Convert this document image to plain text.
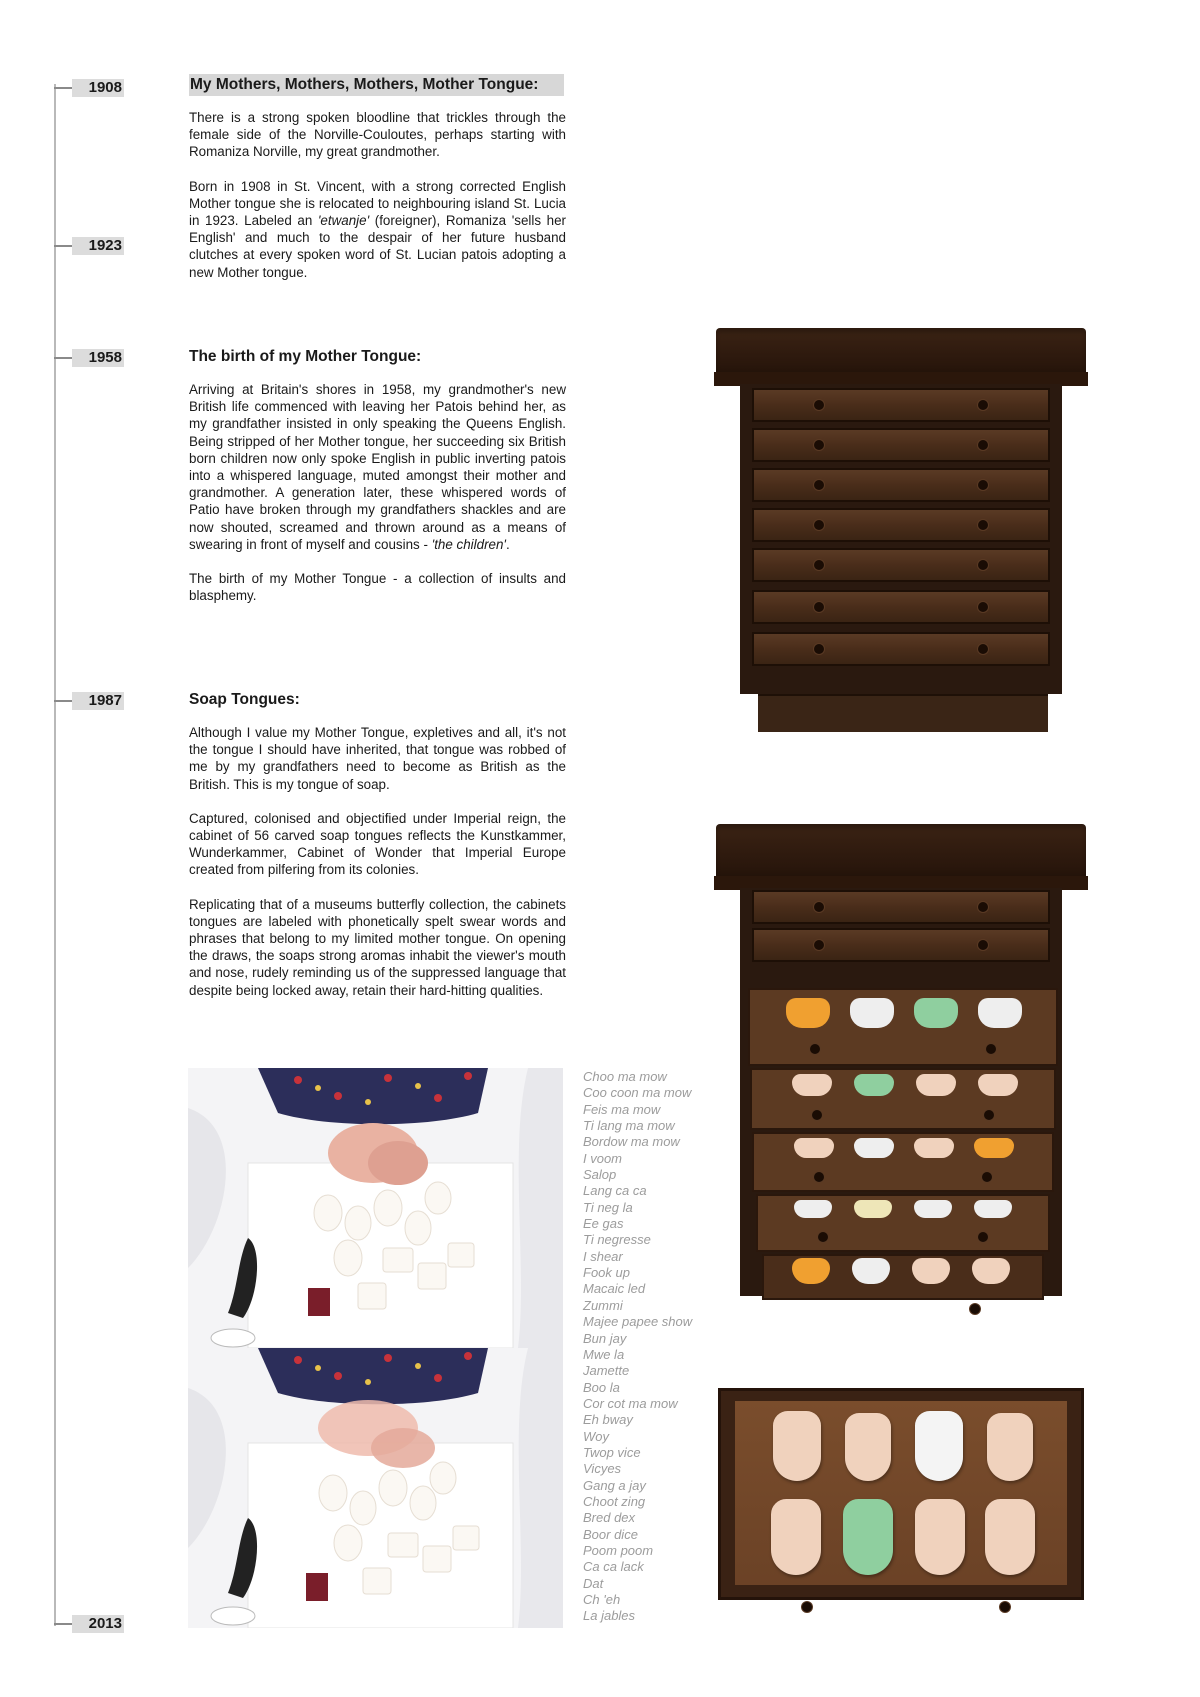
1908
1923
1958
1987
2013
My Mothers, Mothers, Mothers, Mother Tongue:

There is a strong spoken bloodline that trickles through the female side of the Norville-Couloutes, perhaps starting with Romaniza Norville, my great grandmother.

Born in 1908 in St. Vincent, with a strong corrected English Mother tongue she is relocated to neighbouring island St. Lucia in 1923. Labeled an 'etwanje' (foreigner), Romaniza 'sells her English' and much to the despair of her future husband clutches at every spoken word of St. Lucian patois adopting a new Mother tongue.

The birth of my Mother Tongue:

Arriving at Britain's shores in 1958, my grandmother's new British life commenced with leaving her Patois behind her, as my grandfather insisted in only speaking the Queens English. Being stripped of her Mother tongue, her succeeding six British born children now only spoke English in public inverting patois into a whispered language, muted amongst their mother and grandmother. A generation later, these whispered words of Patio have broken through my grandfathers shackles and are now shouted, screamed and thrown around as a means of swearing in front of myself and cousins - 'the children'.

The birth of my Mother Tongue - a collection of insults and blasphemy.

Soap Tongues:

Although I value my Mother Tongue, expletives and all, it's not the tongue I should have inherited, that tongue was robbed of me by my grandfathers need to become as British as the British. This is my tongue of soap.

Captured, colonised and objectified under Imperial reign, the cabinet of 56 carved soap tongues reflects the Kunstkammer, Wunderkammer, Cabinet of Wonder that Imperial Europe created from pilfering from its colonies.

Replicating that of a museums butterfly collection, the cabinets tongues are labeled with phonetically spelt swear words and phrases that belong to my limited mother tongue. On opening the draws, the soaps strong aromas inhabit the viewer's mouth and nose, rudely reminding us of the suppressed language that despite being locked away, retain their hard-hitting qualities.

Choo ma mow
Coo coon ma mow
Feis ma mow
Ti lang ma mow
Bordow ma mow
I voom
Salop
Lang ca ca
Ti neg la
Ee gas
Ti negresse
I shear
Fook up
Macaic led
Zummi
Majee papee show
Bun jay
Mwe la
Jamette
Boo la
Cor cot ma mow
Eh bway
Woy
Twop vice
Vicyes
Gang a jay
Choot zing
Bred dex
Boor dice
Poom poom
Ca ca lack
Dat
Ch 'eh
La jables
